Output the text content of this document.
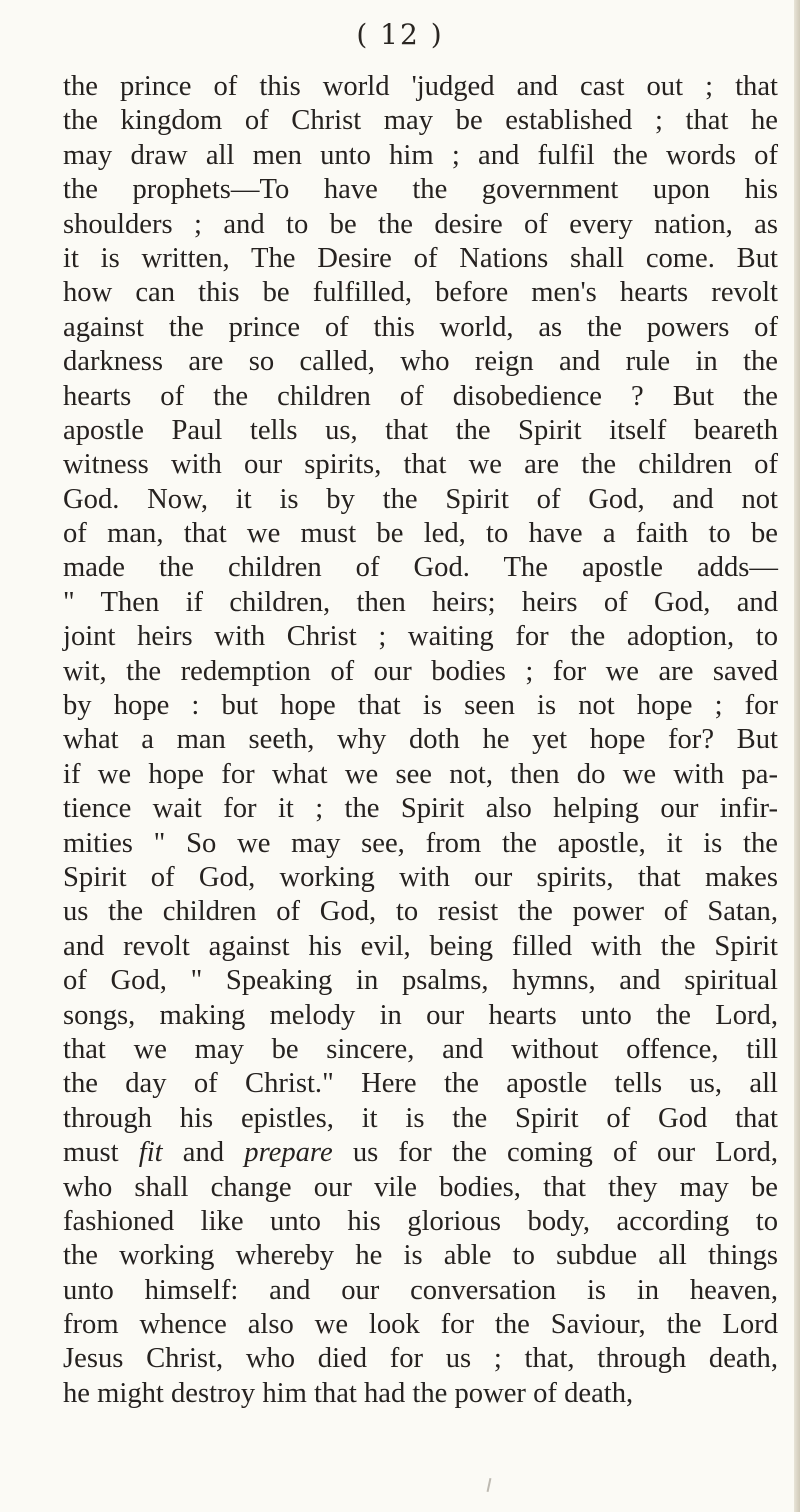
( 12 )
the prince of this world 'judged and cast out ; that
the kingdom of Christ may be established ; that he
may draw all men unto him ; and fulfil the words of
the prophets—To have the government upon his
shoulders ; and to be the desire of every nation, as
it is written, The Desire of Nations shall come. But
how can this be fulfilled, before men's hearts revolt
against the prince of this world, as the powers of
darkness are so called, who reign and rule in the
hearts of the children of disobedience ? But the
apostle Paul tells us, that the Spirit itself beareth
witness with our spirits, that we are the children of
God. Now, it is by the Spirit of God, and not
of man, that we must be led, to have a faith to be
made the children of God. The apostle adds—
" Then if children, then heirs; heirs of God, and
joint heirs with Christ ; waiting for the adoption, to
wit, the redemption of our bodies ; for we are saved
by hope : but hope that is seen is not hope ; for
what a man seeth, why doth he yet hope for? But
if we hope for what we see not, then do we with pa-
tience wait for it ; the Spirit also helping our infir-
mities " So we may see, from the apostle, it is the
Spirit of God, working with our spirits, that makes
us the children of God, to resist the power of Satan,
and revolt against his evil, being filled with the Spirit
of God, " Speaking in psalms, hymns, and spiritual
songs, making melody in our hearts unto the Lord,
that we may be sincere, and without offence, till
the day of Christ." Here the apostle tells us, all
through his epistles, it is the Spirit of God that
must fit and prepare us for the coming of our Lord,
who shall change our vile bodies, that they may be
fashioned like unto his glorious body, according to
the working whereby he is able to subdue all things
unto himself: and our conversation is in heaven,
from whence also we look for the Saviour, the Lord
Jesus Christ, who died for us ; that, through death,
he might destroy him that had the power of death,
